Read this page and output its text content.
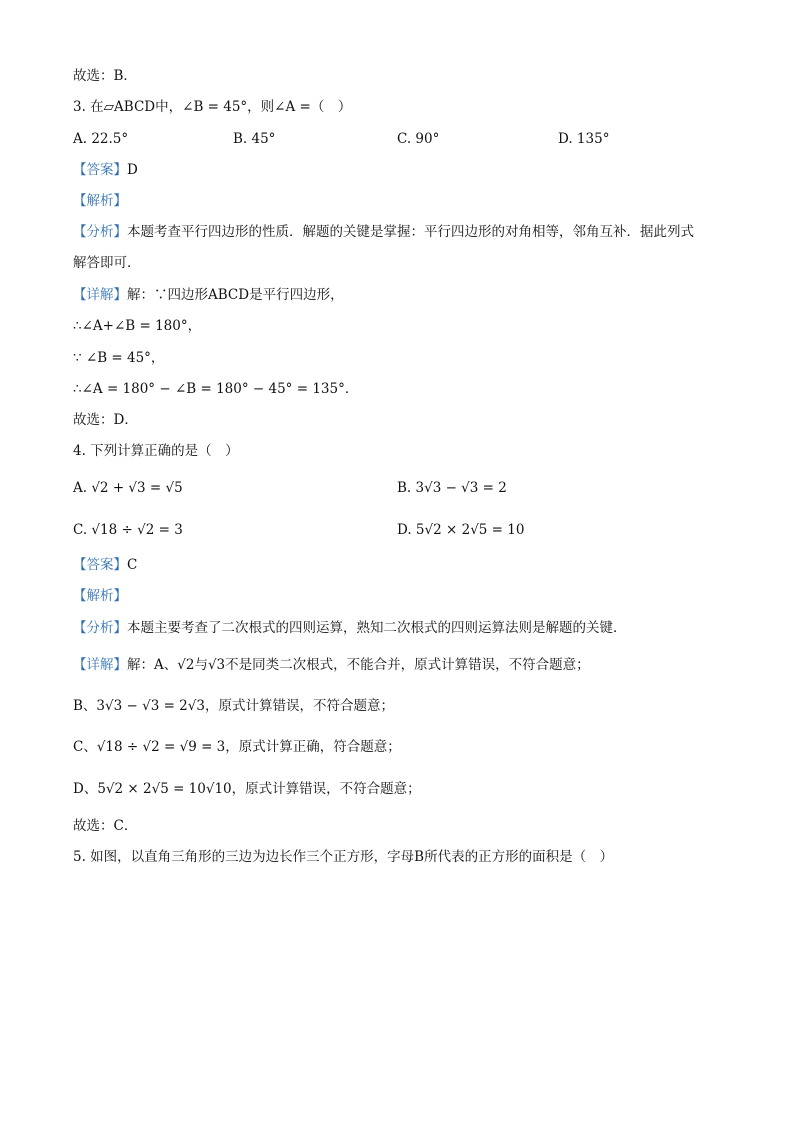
故选：B．
3. 在▱ABCD中，∠B = 45°，则∠A =（　）
A. 22.5°	B. 45°	C. 90°	D. 135°
【答案】D
【解析】
【分析】本题考查平行四边形的性质．解题的关键是掌握：平行四边形的对角相等，邻角互补．据此列式
解答即可．
【详解】解：∵四边形ABCD是平行四边形，
∴∠A+∠B = 180°，
∵ ∠B = 45°，
∴∠A = 180° − ∠B = 180° − 45° = 135°．
故选：D．
4. 下列计算正确的是（　）
A. √2 + √3 = √5	B. 3√3 − √3 = 2
C. √18 ÷ √2 = 3	D. 5√2 × 2√5 = 10
【答案】C
【解析】
【分析】本题主要考查了二次根式的四则运算，熟知二次根式的四则运算法则是解题的关键．
【详解】解：A、√2与√3不是同类二次根式，不能合并，原式计算错误，不符合题意；
B、3√3 − √3 = 2√3，原式计算错误，不符合题意；
C、√18 ÷ √2 = √9 = 3，原式计算正确，符合题意；
D、5√2 × 2√5 = 10√10，原式计算错误，不符合题意；
故选：C．
5. 如图，以直角三角形的三边为边长作三个正方形，字母B所代表的正方形的面积是（　）
